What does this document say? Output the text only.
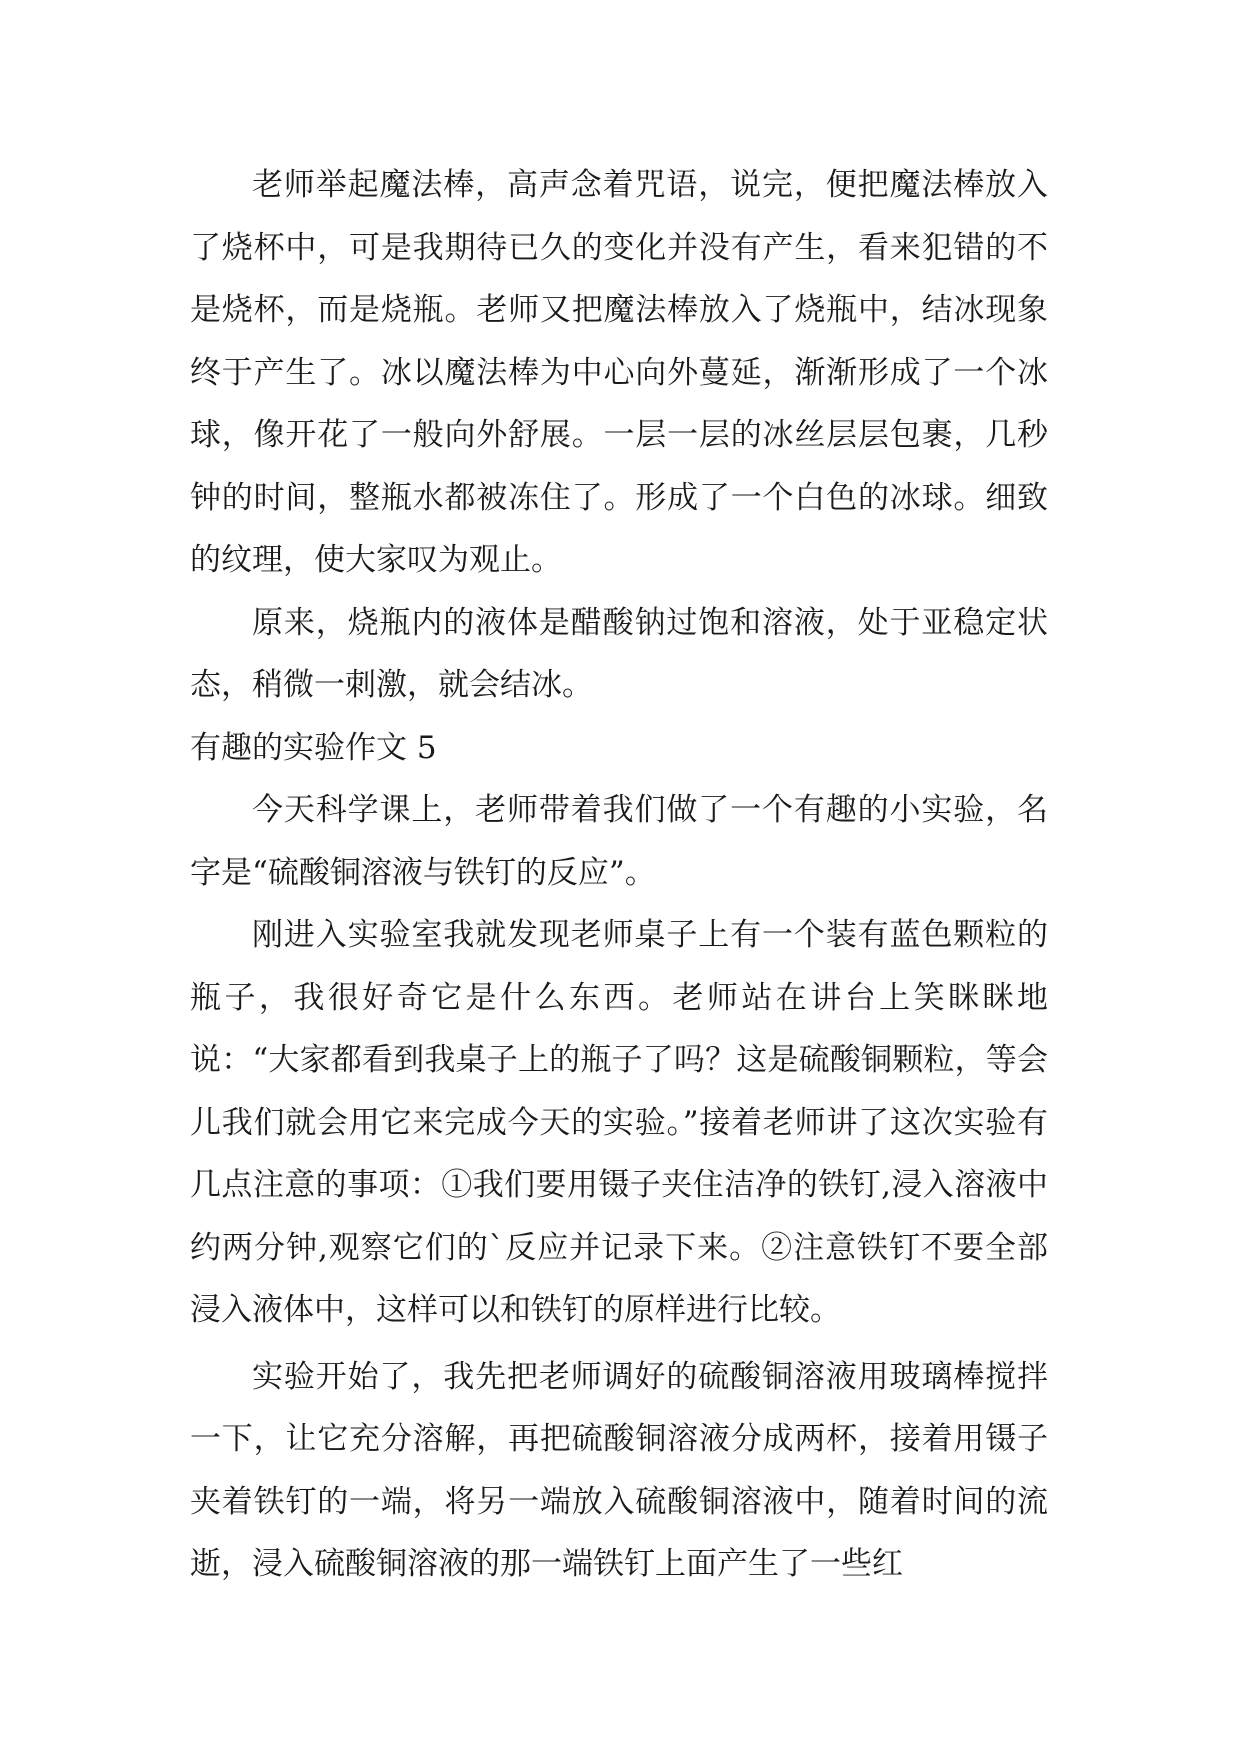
老师举起魔法棒，高声念着咒语，说完，便把魔法棒放入了烧杯中，可是我期待已久的变化并没有产生，看来犯错的不是烧杯，而是烧瓶。老师又把魔法棒放入了烧瓶中，结冰现象终于产生了。冰以魔法棒为中心向外蔓延，渐渐形成了一个冰球，像开花了一般向外舒展。一层一层的冰丝层层包裹，几秒钟的时间，整瓶水都被冻住了。形成了一个白色的冰球。细致的纹理，使大家叹为观止。

原来，烧瓶内的液体是醋酸钠过饱和溶液，处于亚稳定状态，稍微一刺激，就会结冰。

有趣的实验作文 5

今天科学课上，老师带着我们做了一个有趣的小实验，名字是“硫酸铜溶液与铁钉的反应”。

刚进入实验室我就发现老师桌子上有一个装有蓝色颗粒的瓶子，我很好奇它是什么东西。老师站在讲台上笑眯眯地说：“大家都看到我桌子上的瓶子了吗？这是硫酸铜颗粒，等会儿我们就会用它来完成今天的实验。”接着老师讲了这次实验有几点注意的事项：①我们要用镊子夹住洁净的铁钉,浸入溶液中约两分钟,观察它们的`反应并记录下来。②注意铁钉不要全部浸入液体中，这样可以和铁钉的原样进行比较。

实验开始了，我先把老师调好的硫酸铜溶液用玻璃棒搅拌一下，让它充分溶解，再把硫酸铜溶液分成两杯，接着用镊子夹着铁钉的一端，将另一端放入硫酸铜溶液中，随着时间的流逝，浸入硫酸铜溶液的那一端铁钉上面产生了一些红
